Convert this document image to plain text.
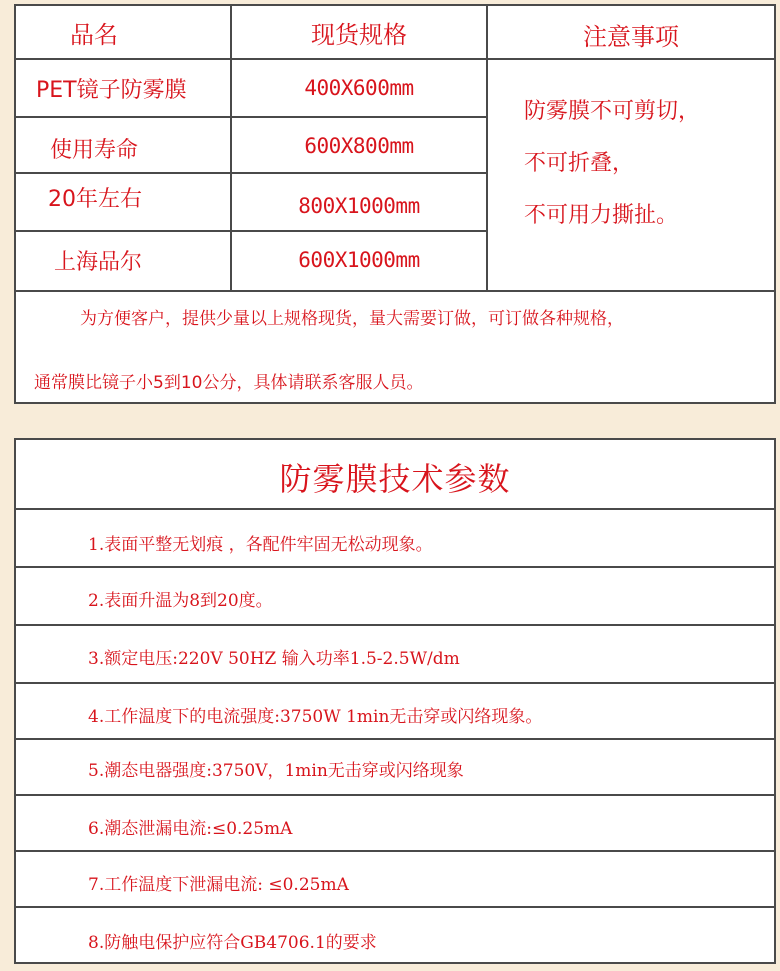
品名	现货规格	注意事项
PET镜子防雾膜
使用寿命
20年左右
上海品尔
400X600mm
600X800mm
800X1000mm
600X1000mm
防雾膜不可剪切，
不可折叠，
不可用力撕扯。
为方便客户，提供少量以上规格现货，量大需要订做，可订做各种规格，
通常膜比镜子小5到10公分，具体请联系客服人员。
防雾膜技术参数
1.表面平整无划痕 ，各配件牢固无松动现象。
2.表面升温为8到20度。
3.额定电压:220V 50HZ 输入功率1.5-2.5W/dm
4.工作温度下的电流强度:3750W 1min无击穿或闪络现象。
5.潮态电器强度:3750V，1min无击穿或闪络现象
6.潮态泄漏电流:≤0.25mA
7.工作温度下泄漏电流: ≤0.25mA
8.防触电保护应符合GB4706.1的要求
